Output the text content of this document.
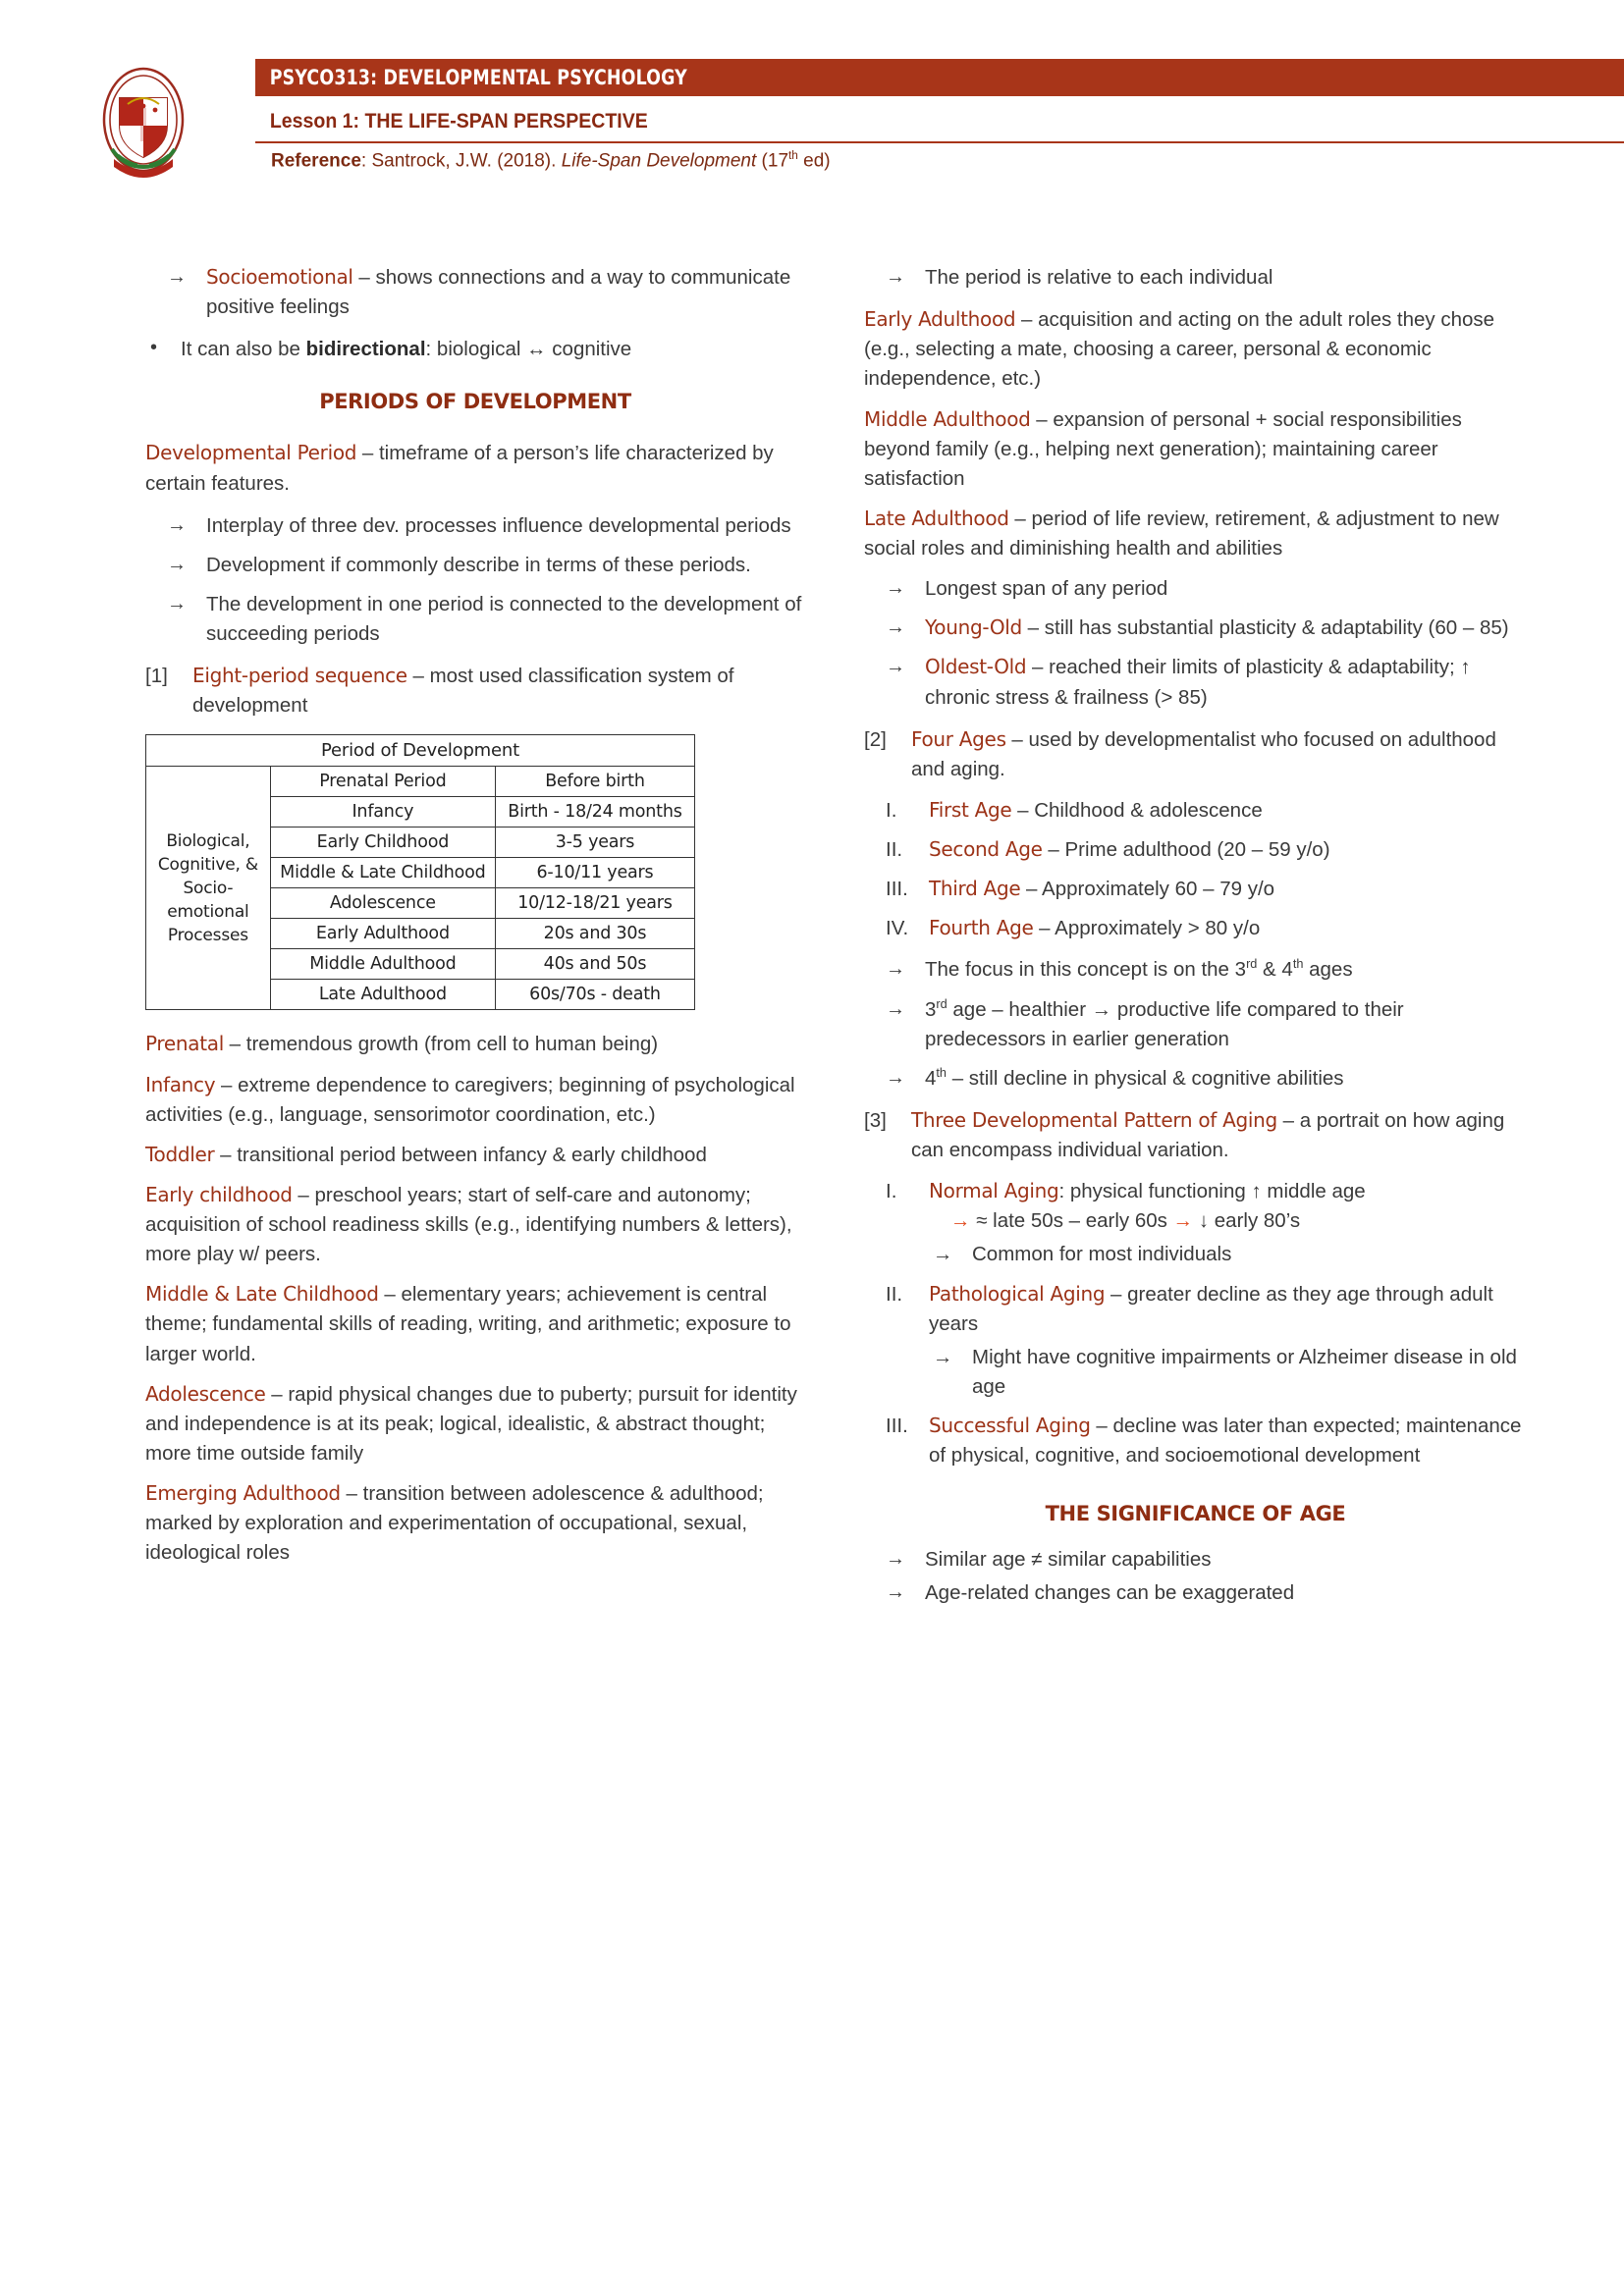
PSYCO313: DEVELOPMENTAL PSYCHOLOGY
Lesson 1: THE LIFE-SPAN PERSPECTIVE
Reference: Santrock, J.W. (2018). Life-Span Development (17th ed)
→ Socioemotional – shows connections and a way to communicate positive feelings
• It can also be bidirectional: biological ↔ cognitive
PERIODS OF DEVELOPMENT

Developmental Period – timeframe of a person’s life characterized by certain features.

→ Interplay of three dev. processes influence developmental periods
→ Development if commonly describe in terms of these periods.
→ The development in one period is connected to the development of succeeding periods
[1] Eight-period sequence – most used classification system of development
Period of Development		
Biological, Cognitive, & Socio-emotional Processes	Prenatal Period	Before birth
	Infancy	Birth - 18/24 months
	Early Childhood	3-5 years
	Middle & Late Childhood	6-10/11 years
	Adolescence	10/12-18/21 years
	Early Adulthood	20s and 30s
	Middle Adulthood	40s and 50s
	Late Adulthood	60s/70s - death

Prenatal – tremendous growth (from cell to human being)

Infancy – extreme dependence to caregivers; beginning of psychological activities (e.g., language, sensorimotor coordination, etc.)

Toddler – transitional period between infancy & early childhood

Early childhood – preschool years; start of self-care and autonomy; acquisition of school readiness skills (e.g., identifying numbers & letters), more play w/ peers.

Middle & Late Childhood – elementary years; achievement is central theme; fundamental skills of reading, writing, and arithmetic; exposure to larger world.

Adolescence – rapid physical changes due to puberty; pursuit for identity and independence is at its peak; logical, idealistic, & abstract thought; more time outside family

Emerging Adulthood – transition between adolescence & adulthood; marked by exploration and experimentation of occupational, sexual, ideological roles

→ The period is relative to each individual

Early Adulthood – acquisition and acting on the adult roles they chose (e.g., selecting a mate, choosing a career, personal & economic independence, etc.)

Middle Adulthood – expansion of personal + social responsibilities beyond family (e.g., helping next generation); maintaining career satisfaction

Late Adulthood – period of life review, retirement, & adjustment to new social roles and diminishing health and abilities

→ Longest span of any period
→ Young-Old – still has substantial plasticity & adaptability (60 – 85)
→ Oldest-Old – reached their limits of plasticity & adaptability; ↑ chronic stress & frailness (> 85)
[2] Four Ages – used by developmentalist who focused on adulthood and aging.
I. First Age – Childhood & adolescence
II. Second Age – Prime adulthood (20 – 59 y/o)
III. Third Age – Approximately 60 – 79 y/o
IV. Fourth Age – Approximately > 80 y/o
→ The focus in this concept is on the 3rd & 4th ages
→ 3rd age – healthier → productive life compared to their predecessors in earlier generation
→ 4th – still decline in physical & cognitive abilities
[3] Three Developmental Pattern of Aging – a portrait on how aging can encompass individual variation.
I. Normal Aging: physical functioning ↑ middle age
→ ≈ late 50s – early 60s → ↓ early 80’s
→ Common for most individuals
II. Pathological Aging – greater decline as they age through adult years
→ Might have cognitive impairments or Alzheimer disease in old age
III. Successful Aging – decline was later than expected; maintenance of physical, cognitive, and socioemotional development
THE SIGNIFICANCE OF AGE
→ Similar age ≠ similar capabilities
→ Age-related changes can be exaggerated
